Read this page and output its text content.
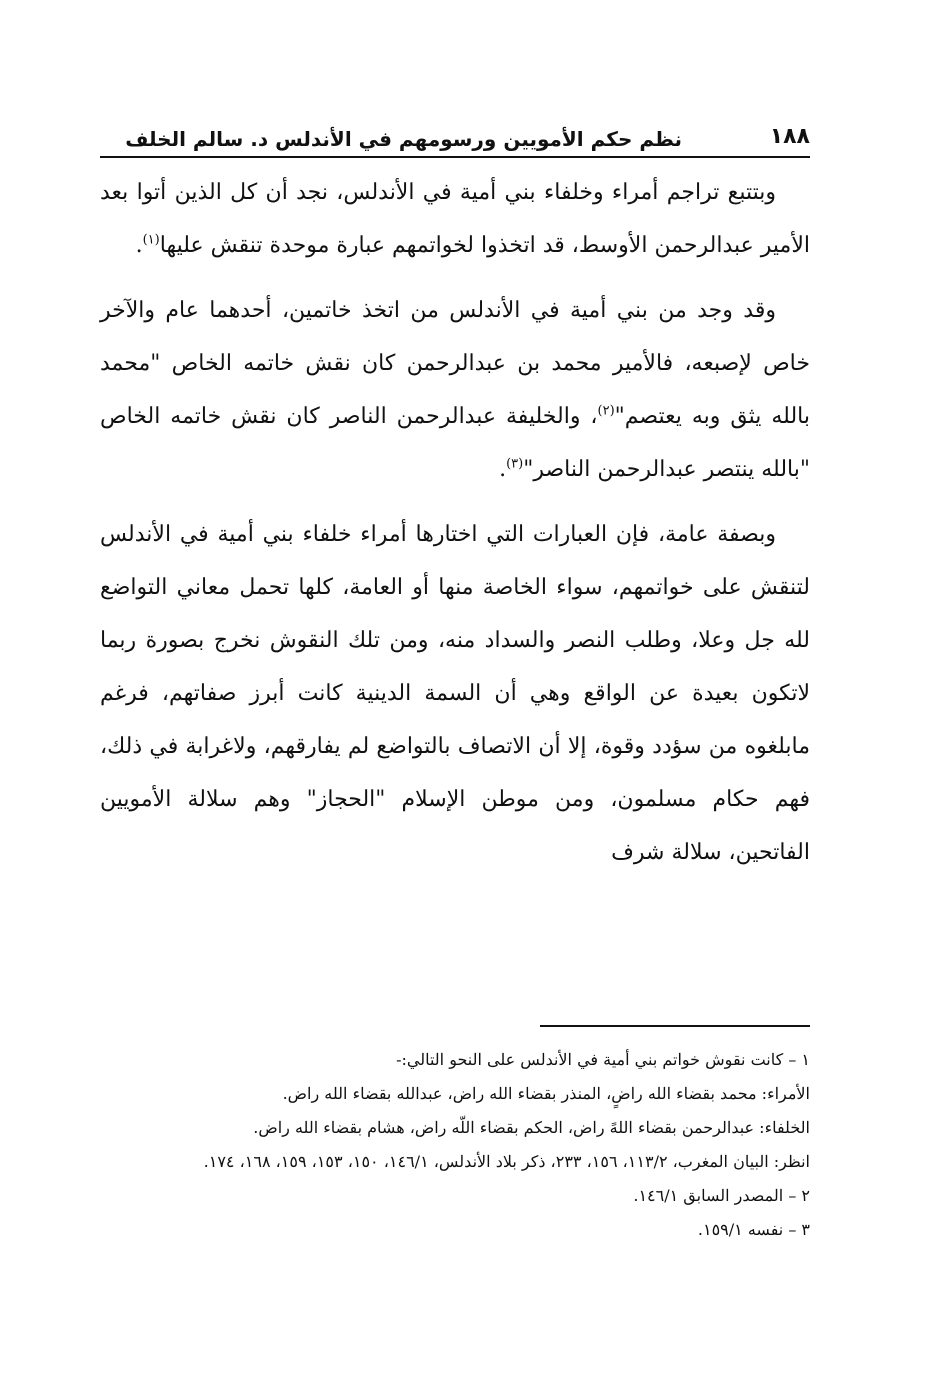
١٨٨
نظم حكم الأمويين ورسومهم في الأندلس د. سالم الخلف

وبتتبع تراجم أمراء وخلفاء بني أمية في الأندلس، نجد أن كل الذين أتوا بعد الأمير عبدالرحمن الأوسط، قد اتخذوا لخواتمهم عبارة موحدة تنقش عليها$^{(١)}$.

وقد وجد من بني أمية في الأندلس من اتخذ خاتمين، أحدهما عام والآخر خاص لإصبعه، فالأمير محمد بن عبدالرحمن كان نقش خاتمه الخاص "محمد بالله يثق وبه يعتصم"$^{(٢)}$، والخليفة عبدالرحمن الناصر كان نقش خاتمه الخاص "بالله ينتصر عبدالرحمن الناصر"$^{(٣)}$.

وبصفة عامة، فإن العبارات التي اختارها أمراء خلفاء بني أمية في الأندلس لتنقش على خواتمهم، سواء الخاصة منها أو العامة، كلها تحمل معاني التواضع لله جل وعلا، وطلب النصر والسداد منه، ومن تلك النقوش نخرج بصورة ربما لاتكون بعيدة عن الواقع وهي أن السمة الدينية كانت أبرز صفاتهم، فرغم مابلغوه من سؤدد وقوة، إلا أن الاتصاف بالتواضع لم يفارقهم، ولاغرابة في ذلك، فهم حكام مسلمون، ومن موطن الإسلام "الحجاز" وهم سلالة الأمويين الفاتحين، سلالة شرف

١ – كانت نقوش خواتم بني أمية في الأندلس على النحو التالي:-

الأمراء: محمد بقضاء الله راضٍ، المنذر بقضاء الله راض، عبدالله بقضاء الله راض.

الخلفاء: عبدالرحمن بقضاء اللهً راض، الحكم بقضاء اللّه راض، هشام بقضاء الله راض.

انظر: البيان المغرب، ١١٣/٢، ١٥٦، ٢٣٣، ذكر بلاد الأندلس، ١٤٦/١، ١٥٠، ١٥٣، ١٥٩، ١٦٨، ١٧٤.

٢ – المصدر السابق ١٤٦/١.

٣ – نفسه ١٥٩/١.
